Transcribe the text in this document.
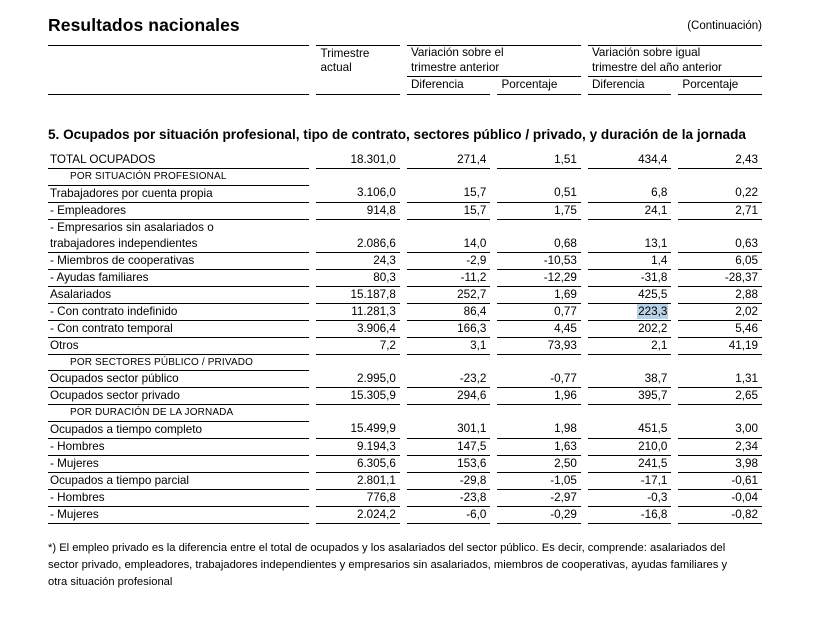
Resultados nacionales	(Continuación)

Trimestre
actual

Variación sobre el
trimestre anterior

Variación sobre igual
trimestre del año anterior

				Diferencia		Porcentaje		Diferencia		Porcentaje

5. Ocupados por situación profesional, tipo de contrato, sectores público / privado, y duración de la jornada
TOTAL OCUPADOS		18.301,0		271,4		1,51		434,4		2,43
POR SITUACIÓN PROFESIONAL										
Trabajadores por cuenta propia		3.106,0		15,7		0,51		6,8		0,22
- Empleadores		914,8		15,7		1,75		24,1		2,71
- Empresarios sin asalariados o										
trabajadores independientes		2.086,6		14,0		0,68		13,1		0,63
- Miembros de cooperativas		24,3		-2,9		-10,53		1,4		6,05
- Ayudas familiares		80,3		-11,2		-12,29		-31,8		-28,37
Asalariados		15.187,8		252,7		1,69		425,5		2,88
- Con contrato indefinido		11.281,3		86,4		0,77		223,3		2,02
- Con contrato temporal		3.906,4		166,3		4,45		202,2		5,46
Otros		7,2		3,1		73,93		2,1		41,19
POR SECTORES PÚBLICO / PRIVADO										
Ocupados sector público		2.995,0		-23,2		-0,77		38,7		1,31
Ocupados sector privado		15.305,9		294,6		1,96		395,7		2,65
POR DURACIÓN DE LA JORNADA										
Ocupados a tiempo completo		15.499,9		301,1		1,98		451,5		3,00
- Hombres		9.194,3		147,5		1,63		210,0		2,34
- Mujeres		6.305,6		153,6		2,50		241,5		3,98
Ocupados a tiempo parcial		2.801,1		-29,8		-1,05		-17,1		-0,61
- Hombres		776,8		-23,8		-2,97		-0,3		-0,04
- Mujeres		2.024,2		-6,0		-0,29		-16,8		-0,82
*) El empleo privado es la diferencia entre el total de ocupados y los asalariados del sector público. Es decir, comprende: asalariados del sector privado, empleadores, trabajadores independientes y empresarios sin asalariados, miembros de cooperativas, ayudas familiares y otra situación profesional
